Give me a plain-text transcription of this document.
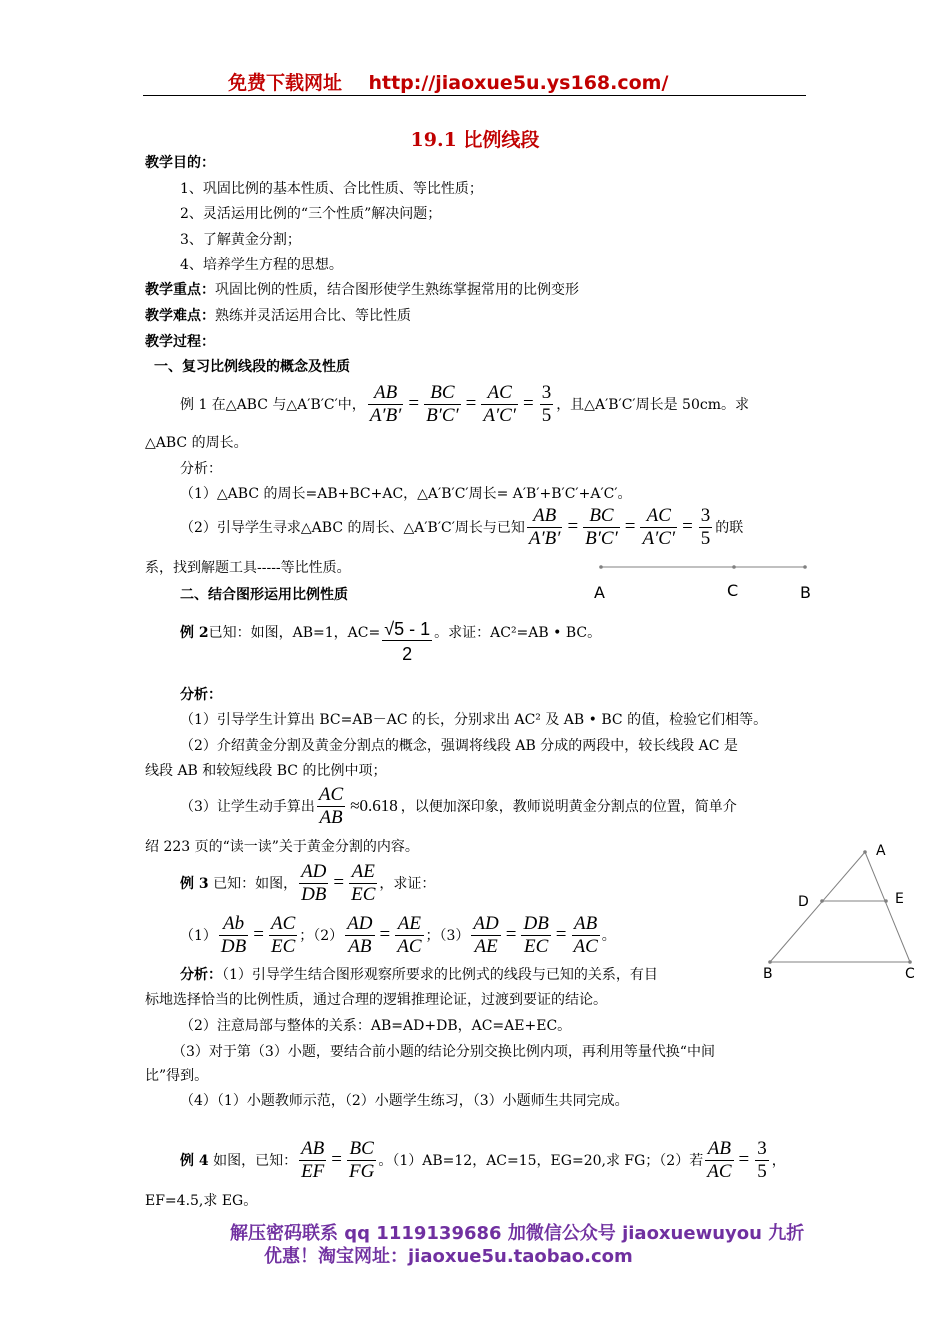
免费下载网址 http://jiaoxue5u.ys168.com/
19.1 比例线段
教学目的：
1、巩固比例的基本性质、合比性质、等比性质；
2、灵活运用比例的“三个性质”解决问题；
3、了解黄金分割；
4、培养学生方程的思想。
教学重点：巩固比例的性质，结合图形使学生熟练掌握常用的比例变形
教学难点：熟练并灵活运用合比、等比性质
教学过程：
一、复习比例线段的概念及性质
例 1 在△ABC 与△A′B′C′中， $\frac{AB}{A'B'} = \frac{BC}{B'C'} = \frac{AC}{A'C'} = \frac{3}{5}$ ，且△A′B′C′周长是 50cm。求
△ABC 的周长。
分析：
（1）△ABC 的周长=AB+BC+AC，△A′B′C′周长= A′B′+B′C′+A′C′。
（2）引导学生寻求△ABC 的周长、△A′B′C′周长与已知 $\frac{AB}{A'B'} = \frac{BC}{B'C'} = \frac{AC}{A'C'} = \frac{3}{5}$ 的联
系，找到解题工具-----等比性质。
A	C	B
二、结合图形运用比例性质
例 2 已知：如图，AB=1，$AC= \frac{√5 - 1}{2}$ 。求证：AC²=AB • BC。
分析：
（1）引导学生计算出 BC=AB－AC 的长，分别求出 AC² 及 AB • BC 的值，检验它们相等。
（2）介绍黄金分割及黄金分割点的概念，强调将线段 AB 分成的两段中，较长线段 AC 是
线段 AB 和较短线段 BC 的比例中项；
（3）让学生动手算出 $\frac{AC}{AB} \approx 0.618$ ，以便加深印象，教师说明黄金分割点的位置，简单介
绍 223 页的“读一读”关于黄金分割的内容。
例 3
已知：如图， $\frac{AD}{DB} = \frac{AE}{EC}$ ，求证：
$(1) \frac{Ab}{DB} = \frac{AC}{EC}$ ；$(2) \frac{AD}{AB} = \frac{AE}{AC}$ ；$(3) \frac{AD}{AE} = \frac{DB}{EC} = \frac{AB}{AC}$ 。
A
D	E
B	C
分析：（1）引导学生结合图形观察所要求的比例式的线段与已知的关系，有目
标地选择恰当的比例性质，通过合理的逻辑推理论证，过渡到要证的结论。
（2）注意局部与整体的关系：AB=AD+DB，AC=AE+EC。
（3）对于第（3）小题，要结合前小题的结论分别交换比例内项，再利用等量代换“中间
比”得到。
（4）（1）小题教师示范，（2）小题学生练习，（3）小题师生共同完成。
例 4
如图，已知： $\frac{AB}{EF} = \frac{BC}{FG}$ 。（1）AB=12，AC=15，EG=20,求 FG；（2）若 $\frac{AB}{AC} = \frac{3}{5}$ ，
EF=4.5,求 EG。
解压密码联系 qq 1119139686 加微信公众号 jiaoxuewuyou 九折
优惠！淘宝网址：jiaoxue5u.taobao.com
